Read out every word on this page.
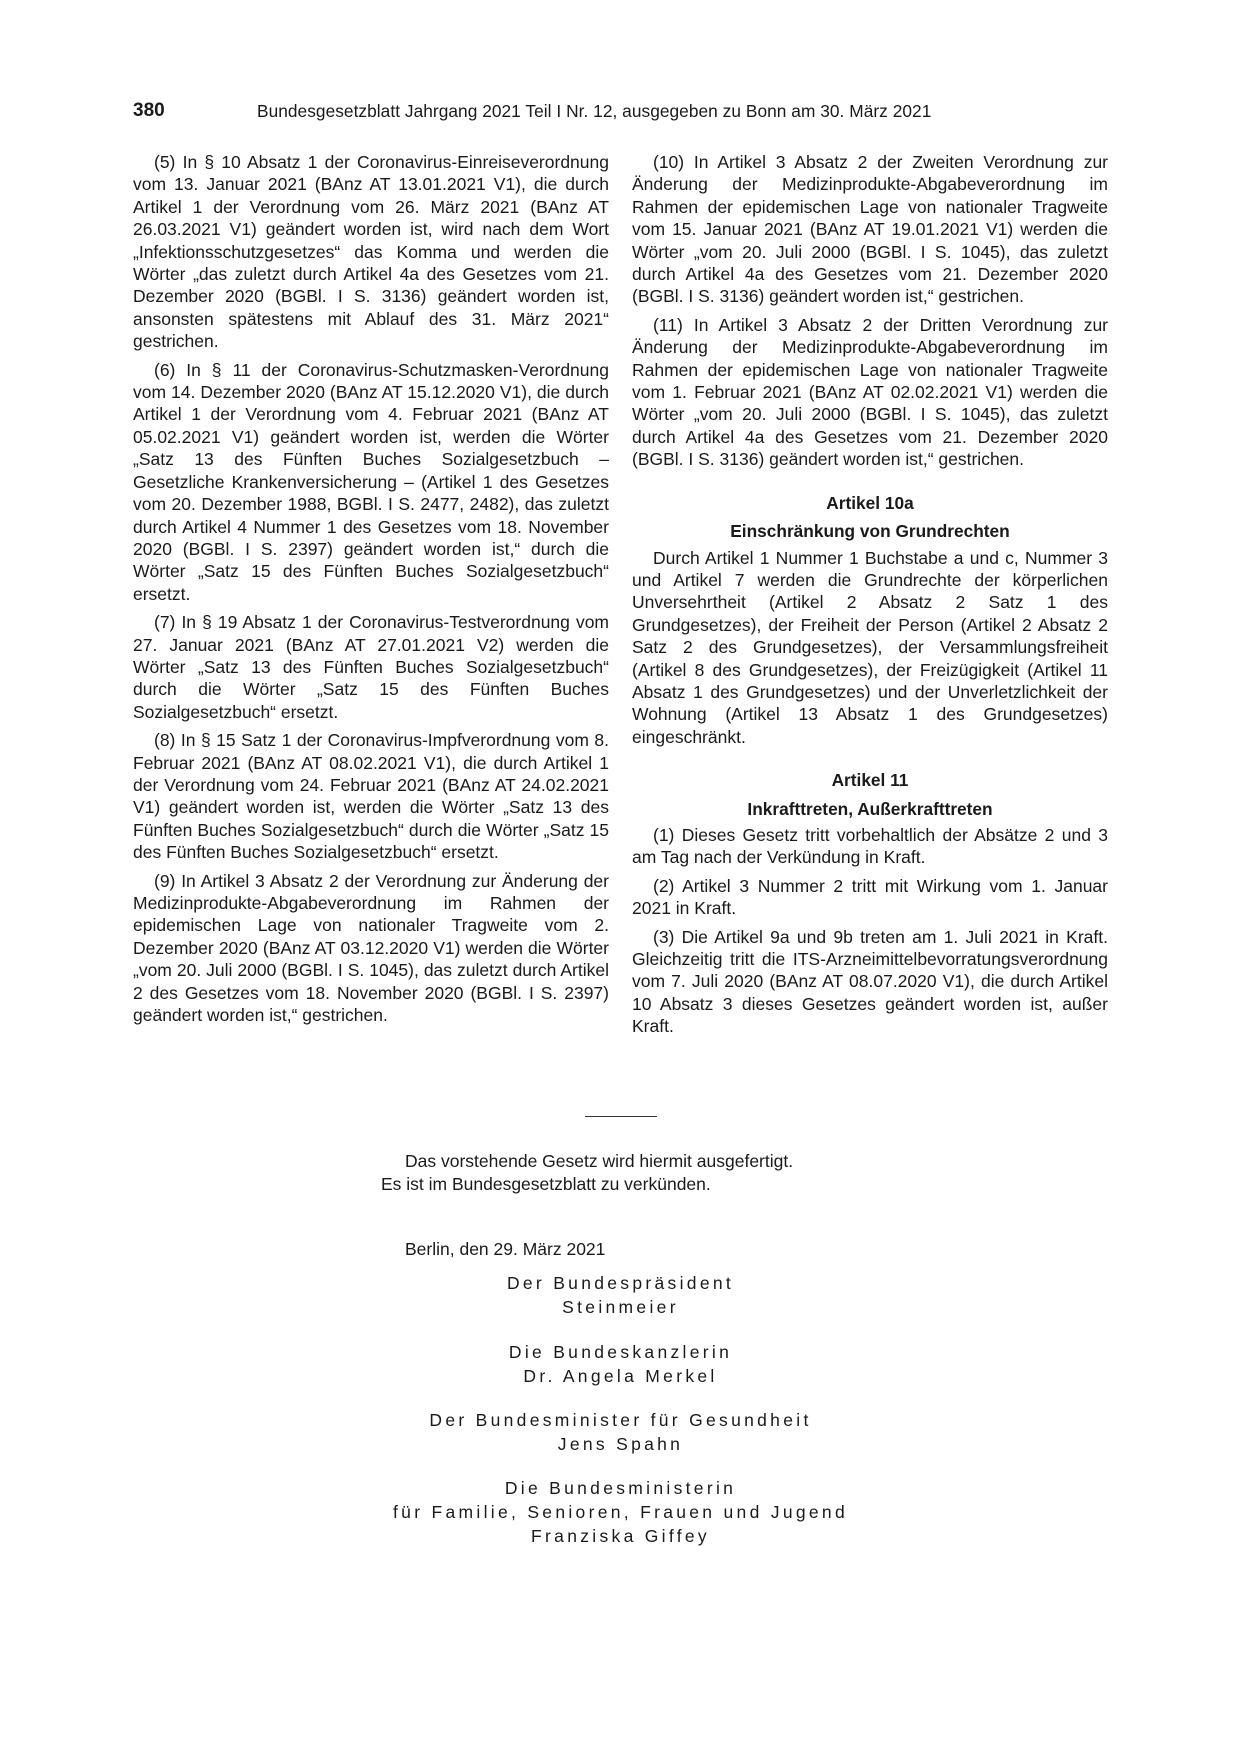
380	Bundesgesetzblatt Jahrgang 2021 Teil I Nr. 12, ausgegeben zu Bonn am 30. März 2021

(5) In § 10 Absatz 1 der Coronavirus-Einreiseverordnung vom 13. Januar 2021 (BAnz AT 13.01.2021 V1), die durch Artikel 1 der Verordnung vom 26. März 2021 (BAnz AT 26.03.2021 V1) geändert worden ist, wird nach dem Wort „Infektionsschutzgesetzes“ das Komma und werden die Wörter „das zuletzt durch Artikel 4a des Gesetzes vom 21. Dezember 2020 (BGBl. I S. 3136) geändert worden ist, ansonsten spätestens mit Ablauf des 31. März 2021“ gestrichen.

(6) In § 11 der Coronavirus-Schutzmasken-Verordnung vom 14. Dezember 2020 (BAnz AT 15.12.2020 V1), die durch Artikel 1 der Verordnung vom 4. Februar 2021 (BAnz AT 05.02.2021 V1) geändert worden ist, werden die Wörter „Satz 13 des Fünften Buches Sozialgesetzbuch – Gesetzliche Krankenversicherung – (Artikel 1 des Gesetzes vom 20. Dezember 1988, BGBl. I S. 2477, 2482), das zuletzt durch Artikel 4 Nummer 1 des Gesetzes vom 18. November 2020 (BGBl. I S. 2397) geändert worden ist,“ durch die Wörter „Satz 15 des Fünften Buches Sozialgesetzbuch“ ersetzt.

(7) In § 19 Absatz 1 der Coronavirus-Testverordnung vom 27. Januar 2021 (BAnz AT 27.01.2021 V2) werden die Wörter „Satz 13 des Fünften Buches Sozialgesetzbuch“ durch die Wörter „Satz 15 des Fünften Buches Sozialgesetzbuch“ ersetzt.

(8) In § 15 Satz 1 der Coronavirus-Impfverordnung vom 8. Februar 2021 (BAnz AT 08.02.2021 V1), die durch Artikel 1 der Verordnung vom 24. Februar 2021 (BAnz AT 24.02.2021 V1) geändert worden ist, werden die Wörter „Satz 13 des Fünften Buches Sozialgesetzbuch“ durch die Wörter „Satz 15 des Fünften Buches Sozialgesetzbuch“ ersetzt.

(9) In Artikel 3 Absatz 2 der Verordnung zur Änderung der Medizinprodukte-Abgabeverordnung im Rahmen der epidemischen Lage von nationaler Tragweite vom 2. Dezember 2020 (BAnz AT 03.12.2020 V1) werden die Wörter „vom 20. Juli 2000 (BGBl. I S. 1045), das zuletzt durch Artikel 2 des Gesetzes vom 18. November 2020 (BGBl. I S. 2397) geändert worden ist,“ gestrichen.

(10) In Artikel 3 Absatz 2 der Zweiten Verordnung zur Änderung der Medizinprodukte-Abgabeverordnung im Rahmen der epidemischen Lage von nationaler Tragweite vom 15. Januar 2021 (BAnz AT 19.01.2021 V1) werden die Wörter „vom 20. Juli 2000 (BGBl. I S. 1045), das zuletzt durch Artikel 4a des Gesetzes vom 21. Dezember 2020 (BGBl. I S. 3136) geändert worden ist,“ gestrichen.

(11) In Artikel 3 Absatz 2 der Dritten Verordnung zur Änderung der Medizinprodukte-Abgabeverordnung im Rahmen der epidemischen Lage von nationaler Tragweite vom 1. Februar 2021 (BAnz AT 02.02.2021 V1) werden die Wörter „vom 20. Juli 2000 (BGBl. I S. 1045), das zuletzt durch Artikel 4a des Gesetzes vom 21. Dezember 2020 (BGBl. I S. 3136) geändert worden ist,“ gestrichen.

Artikel 10a
Einschränkung von Grundrechten

Durch Artikel 1 Nummer 1 Buchstabe a und c, Nummer 3 und Artikel 7 werden die Grundrechte der körperlichen Unversehrtheit (Artikel 2 Absatz 2 Satz 1 des Grundgesetzes), der Freiheit der Person (Artikel 2 Absatz 2 Satz 2 des Grundgesetzes), der Versammlungsfreiheit (Artikel 8 des Grundgesetzes), der Freizügigkeit (Artikel 11 Absatz 1 des Grundgesetzes) und der Unverletzlichkeit der Wohnung (Artikel 13 Absatz 1 des Grundgesetzes) eingeschränkt.

Artikel 11
Inkrafttreten, Außerkrafttreten

(1) Dieses Gesetz tritt vorbehaltlich der Absätze 2 und 3 am Tag nach der Verkündung in Kraft.

(2) Artikel 3 Nummer 2 tritt mit Wirkung vom 1. Januar 2021 in Kraft.

(3) Die Artikel 9a und 9b treten am 1. Juli 2021 in Kraft. Gleichzeitig tritt die ITS-Arzneimittelbevorratungsverordnung vom 7. Juli 2020 (BAnz AT 08.07.2020 V1), die durch Artikel 10 Absatz 3 dieses Gesetzes geändert worden ist, außer Kraft.

Das vorstehende Gesetz wird hiermit ausgefertigt.
Es ist im Bundesgesetzblatt zu verkünden.
Berlin, den 29. März 2021
Der Bundespräsident
Steinmeier
Die Bundeskanzlerin
Dr. Angela Merkel
Der Bundesminister für Gesundheit
Jens Spahn
Die Bundesministerin
für Familie, Senioren, Frauen und Jugend
Franziska Giffey
